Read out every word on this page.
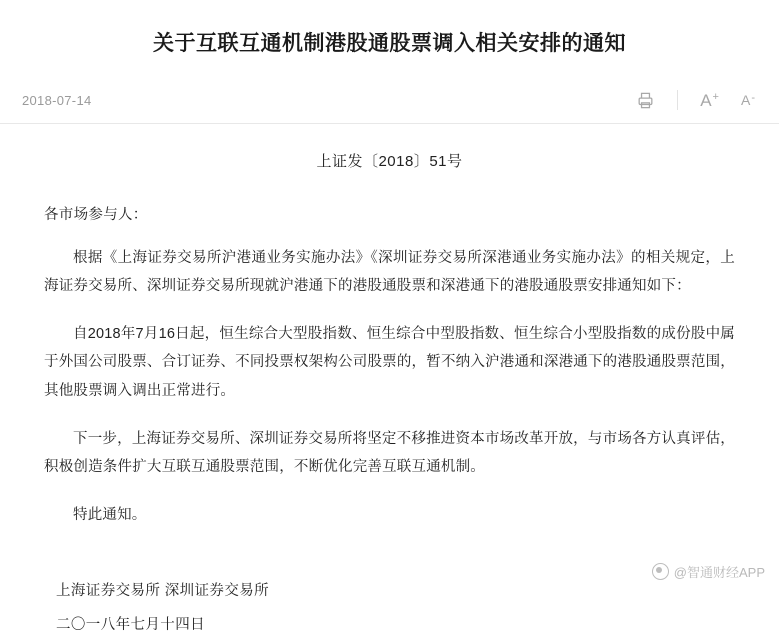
关于互联互通机制港股通股票调入相关安排的通知
2018-07-14	A + A -
上证发〔2018〕51号
各市场参与人：

根据《上海证券交易所沪港通业务实施办法》《深圳证券交易所深港通业务实施办法》的相关规定，上海证券交易所、深圳证券交易所现就沪港通下的港股通股票和深港通下的港股通股票安排通知如下：

自2018年7月16日起，恒生综合大型股指数、恒生综合中型股指数、恒生综合小型股指数的成份股中属于外国公司股票、合订证券、不同投票权架构公司股票的，暂不纳入沪港通和深港通下的港股通股票范围，其他股票调入调出正常进行。

下一步，上海证券交易所、深圳证券交易所将坚定不移推进资本市场改革开放，与市场各方认真评估，积极创造条件扩大互联互通股票范围，不断优化完善互联互通机制。

特此通知。

上海证券交易所 深圳证券交易所
二〇一八年七月十四日
@智通财经APP
